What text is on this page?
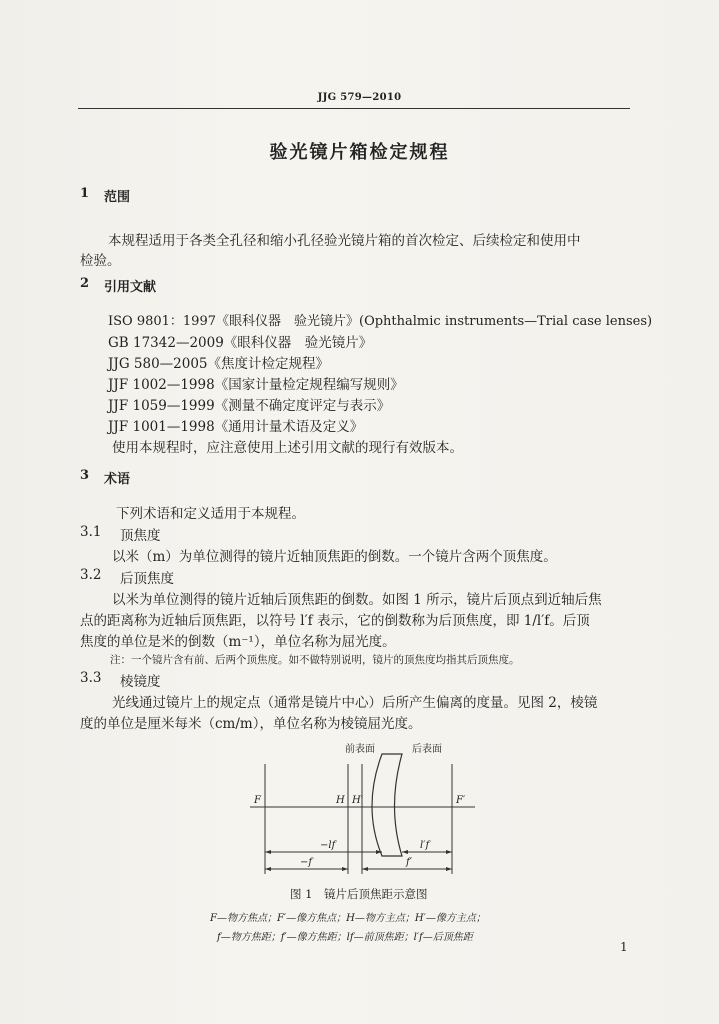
JJG 579—2010
验光镜片箱检定规程
1 范围
本规程适用于各类全孔径和缩小孔径验光镜片箱的首次检定、后续检定和使用中
检验。
2 引用文献
ISO 9801：1997《眼科仪器　验光镜片》(Ophthalmic instruments—Trial case lenses)
GB 17342—2009《眼科仪器　验光镜片》
JJG 580—2005《焦度计检定规程》
JJF 1002—1998《国家计量检定规程编写规则》
JJF 1059—1999《测量不确定度评定与表示》
JJF 1001—1998《通用计量术语及定义》
使用本规程时，应注意使用上述引用文献的现行有效版本。
3 术语
下列术语和定义适用于本规程。
3.1 顶焦度
以米（m）为单位测得的镜片近轴顶焦距的倒数。一个镜片含两个顶焦度。
3.2 后顶焦度
以米为单位测得的镜片近轴后顶焦距的倒数。如图 1 所示，镜片后顶点到近轴后焦
点的距离称为近轴后顶焦距，以符号 l′f 表示，它的倒数称为后顶焦度，即 1/l′f。后顶
焦度的单位是米的倒数（m⁻¹），单位名称为屈光度。
注：一个镜片含有前、后两个顶焦度。如不做特别说明，镜片的顶焦度均指其后顶焦度。
3.3 棱镜度
光线通过镜片上的规定点（通常是镜片中心）后所产生偏离的度量。见图 2，棱镜
度的单位是厘米每米（cm/m），单位名称为棱镜屈光度。
前表面	后表面
F	H H′	F′
−lf	l′f
−f	f′
图 1　镜片后顶焦距示意图
F—物方焦点；F′—像方焦点；H—物方主点；H′—像方主点；
f—物方焦距；f′—像方焦距；lf—前顶焦距；l′f—后顶焦距
1
